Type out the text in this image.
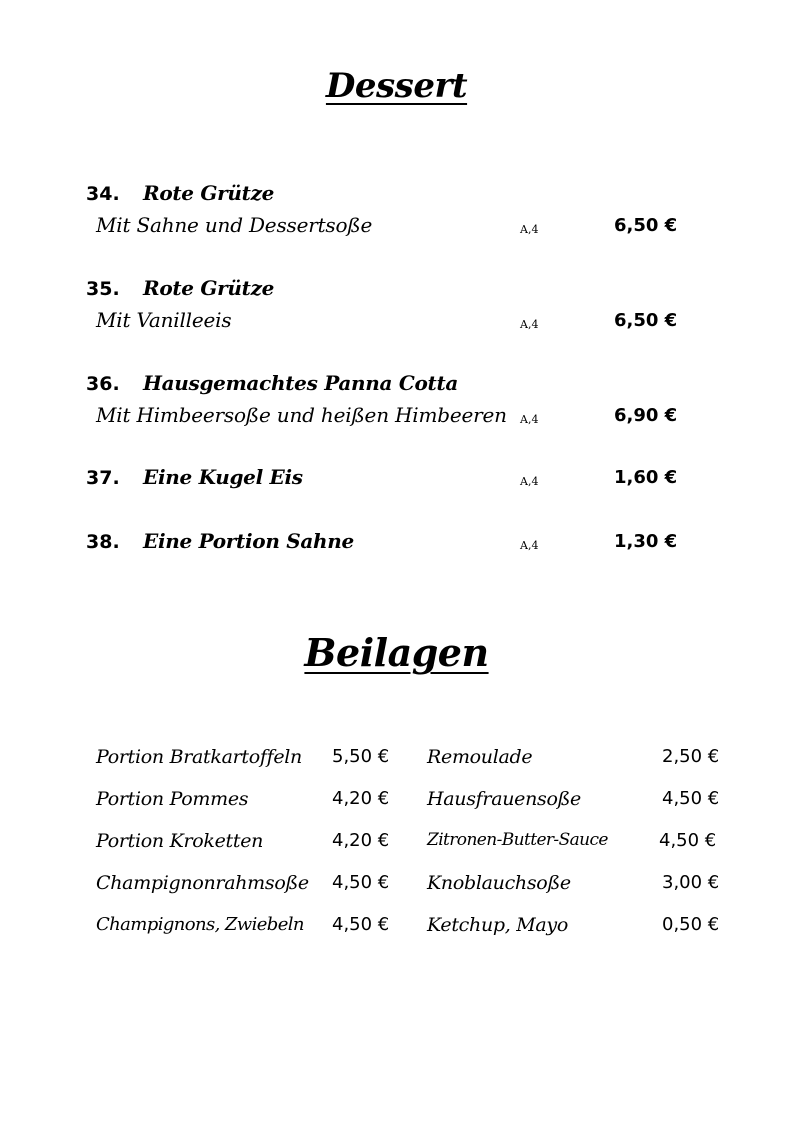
Dessert
34. Rote Grütze
Mit Sahne und Dessertsoße	A,4	6,50 €
35. Rote Grütze
Mit Vanilleeis	A,4	6,50 €
36. Hausgemachtes Panna Cotta
Mit Himbeersoße und heißen Himbeeren A,4	6,90 €
37. Eine Kugel Eis	A,4	1,60 €
38. Eine Portion Sahne	A,4	1,30 €
Beilagen
Portion Bratkartoffeln 5,50 € Remoulade	2,50 €
Portion Pommes	4,20 € Hausfrauensoße	4,50 €
Portion Kroketten	4,20 € Zitronen-Butter-Sauce	4,50 €
Champignonrahmsoße 4,50 € Knoblauchsoße	3,00 €
Champignons, Zwiebeln 4,50 € Ketchup, Mayo	0,50 €
